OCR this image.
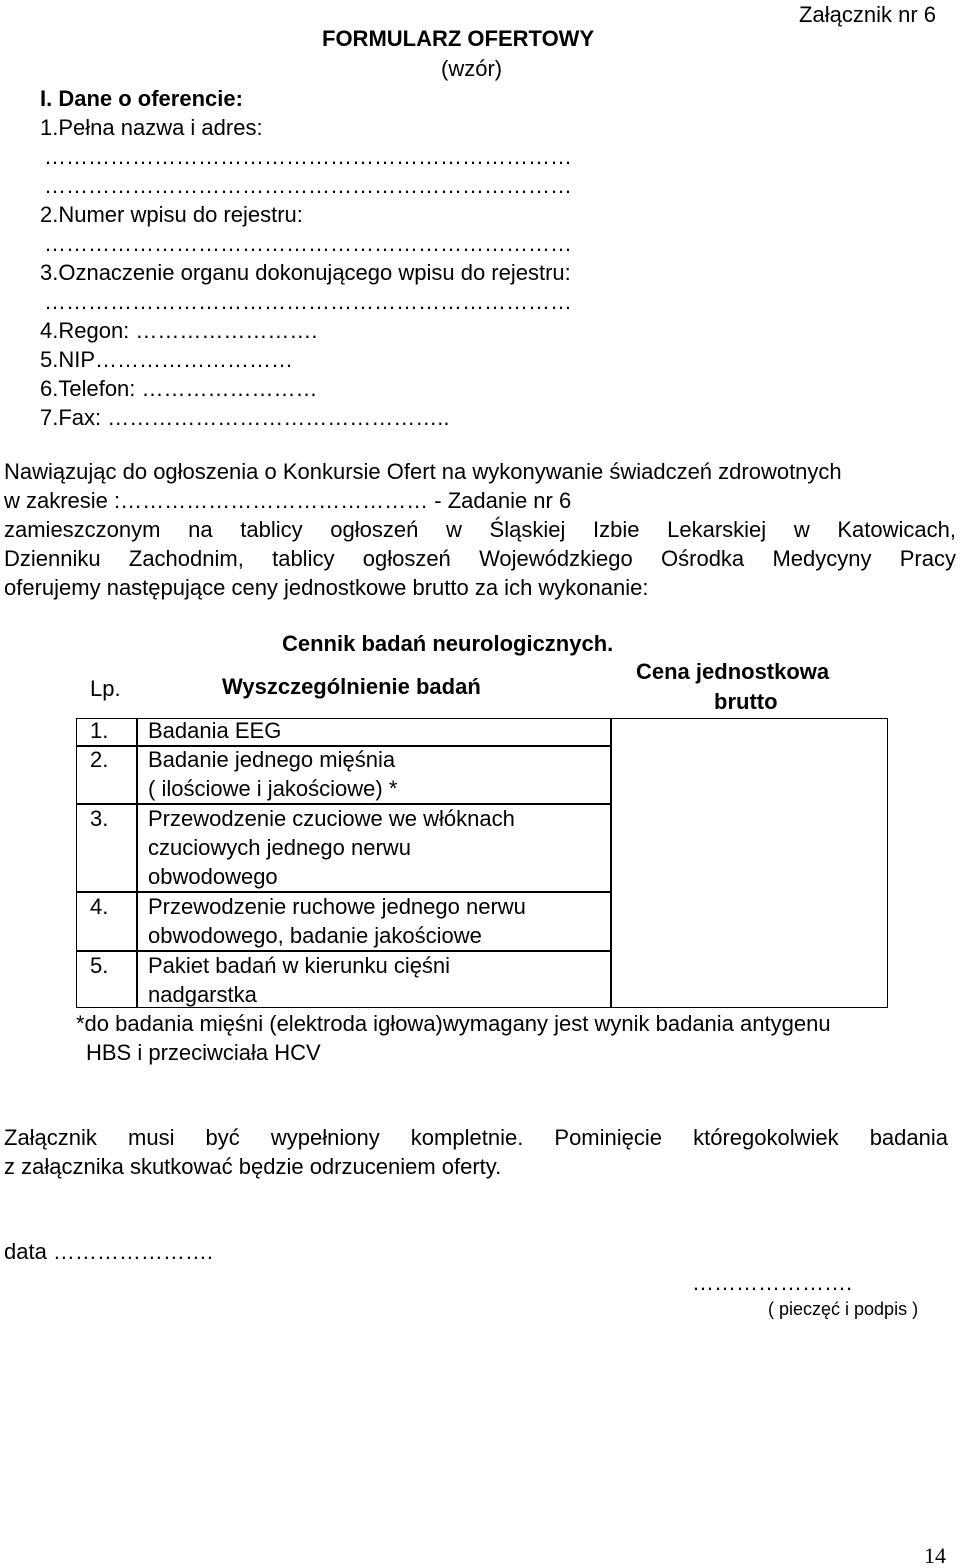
Załącznik nr 6
FORMULARZ OFERTOWY
(wzór)
I. Dane o oferencie:
1.Pełna nazwa i adres:
………………………………………………………………
………………………………………………………………
2.Numer wpisu do rejestru:
………………………………………………………………
3.Oznaczenie organu dokonującego wpisu do rejestru:
………………………………………………………………
4.Regon: …………………….
5.NIP………………………
6.Telefon: ……………………
7.Fax: ………………………………………..
Nawiązując do ogłoszenia o Konkursie Ofert na wykonywanie świadczeń zdrowotnych
w zakresie :…………………………………… - Zadanie nr 6
zamieszczonym na tablicy ogłoszeń w Śląskiej Izbie Lekarskiej w Katowicach,
Dzienniku Zachodnim, tablicy ogłoszeń Wojewódzkiego Ośrodka Medycyny Pracy
oferujemy następujące ceny jednostkowe brutto za ich wykonanie:
Cennik badań neurologicznych.
Lp.	Wyszczególnienie badań
Cena jednostkowa
brutto
1. Badania EEG
2. Badanie jednego mięśnia
( ilościowe i jakościowe) *
3. Przewodzenie czuciowe we włóknach
czuciowych jednego nerwu
obwodowego
4. Przewodzenie ruchowe jednego nerwu
obwodowego, badanie jakościowe
5. Pakiet badań w kierunku cięśni
nadgarstka
*do badania mięśni (elektroda igłowa)wymagany jest wynik badania antygenu
HBS i przeciwciała HCV
Załącznik musi być wypełniony kompletnie. Pominięcie któregokolwiek badania
z załącznika skutkować będzie odrzuceniem oferty.
data ………………….
………………….
( pieczęć i podpis )
14
